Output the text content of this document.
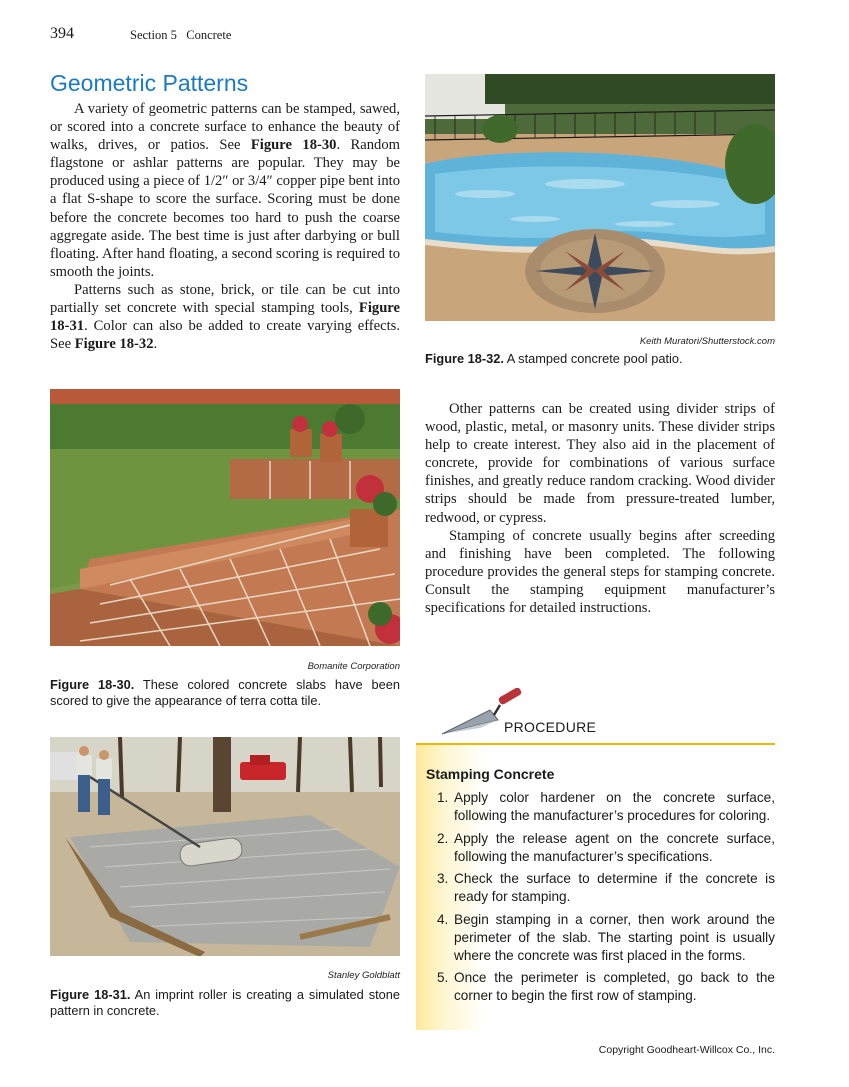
394	Section 5   Concrete
Geometric Patterns

A variety of geometric patterns can be stamped, sawed, or scored into a concrete surface to enhance the beauty of walks, drives, or patios. See Figure 18-30. Random flagstone or ashlar patterns are popular. They may be produced using a piece of 1/2″ or 3/4″ copper pipe bent into a flat S-shape to score the surface. Scoring must be done before the concrete becomes too hard to push the coarse aggregate aside. The best time is just after darbying or bull floating. After hand floating, a second scoring is required to smooth the joints.

Patterns such as stone, brick, or tile can be cut into partially set concrete with special stamping tools, Figure 18-31. Color can also be added to create varying effects. See Figure 18-32.	Keith Muratori/Shutterstock.com
Figure 18-32. A stamped concrete pool patio.
Bomanite Corporation
Figure 18-30. These colored concrete slabs have been scored to give the appearance of terra cotta tile.

Other patterns can be created using divider strips of wood, plastic, metal, or masonry units. These divider strips help to create interest. They also aid in the placement of concrete, provide for combinations of various surface finishes, and greatly reduce random cracking. Wood divider strips should be made from pressure-treated lumber, redwood, or cypress.

Stamping of concrete usually begins after screeding and finishing have been completed. The following procedure provides the general steps for stamping concrete. Consult the stamping equipment manufacturer’s specifications for detailed instructions.

PROCEDURE
Stamping Concrete
1. Apply color hardener on the concrete surface, following the manufacturer’s procedures for coloring.
2. Apply the release agent on the concrete surface, following the manufacturer’s specifications.
3. Check the surface to determine if the concrete is ready for stamping.
4. Begin stamping in a corner, then work around the perimeter of the slab. The starting point is usually where the concrete was first placed in the forms.
5. Once the perimeter is completed, go back to the corner to begin the first row of stamping.
Stanley Goldblatt
Figure 18-31. An imprint roller is creating a simulated stone pattern in concrete.
Copyright Goodheart-Willcox Co., Inc.
